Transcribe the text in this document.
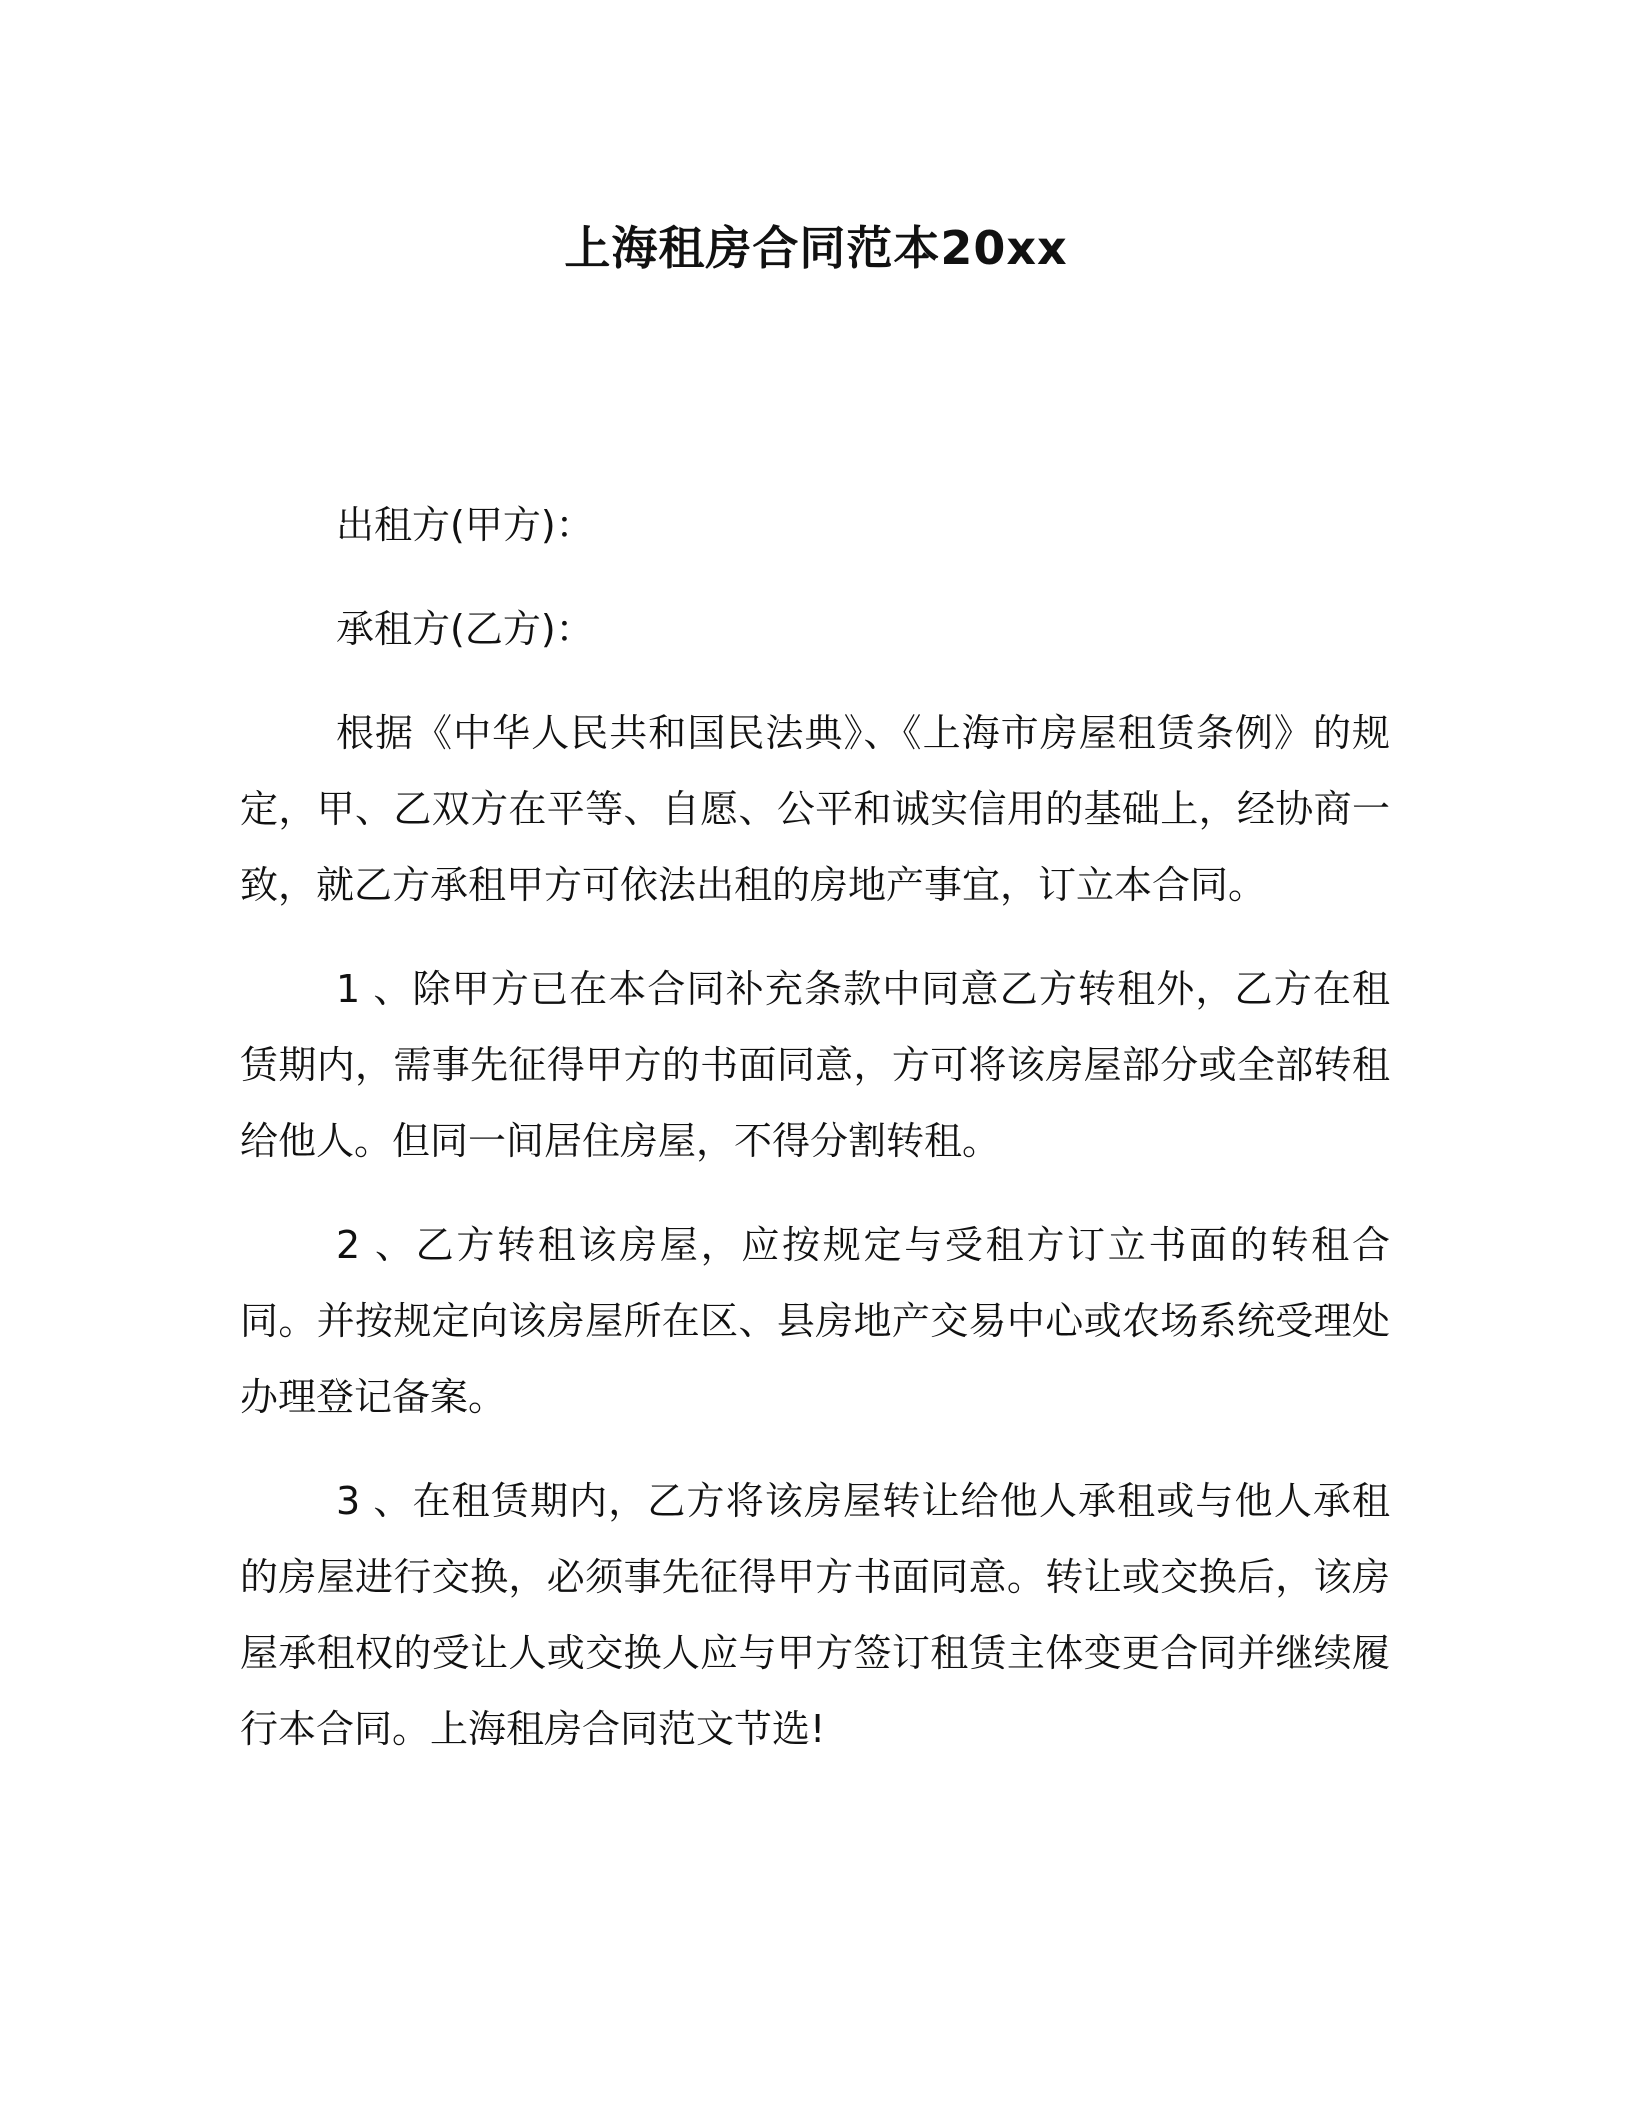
上海租房合同范本20xx

出租方(甲方)：

承租方(乙方)：

根据《中华人民共和国民法典》、《上海市房屋租赁条例》的规定，甲、乙双方在平等、自愿、公平和诚实信用的基础上，经协商一致，就乙方承租甲方可依法出租的房地产事宜，订立本合同。

1 、除甲方已在本合同补充条款中同意乙方转租外，乙方在租赁期内，需事先征得甲方的书面同意，方可将该房屋部分或全部转租给他人。但同一间居住房屋，不得分割转租。

2 、乙方转租该房屋，应按规定与受租方订立书面的转租合同。并按规定向该房屋所在区、县房地产交易中心或农场系统受理处办理登记备案。

3 、在租赁期内，乙方将该房屋转让给他人承租或与他人承租的房屋进行交换，必须事先征得甲方书面同意。转让或交换后，该房屋承租权的受让人或交换人应与甲方签订租赁主体变更合同并继续履行本合同。上海租房合同范文节选!
